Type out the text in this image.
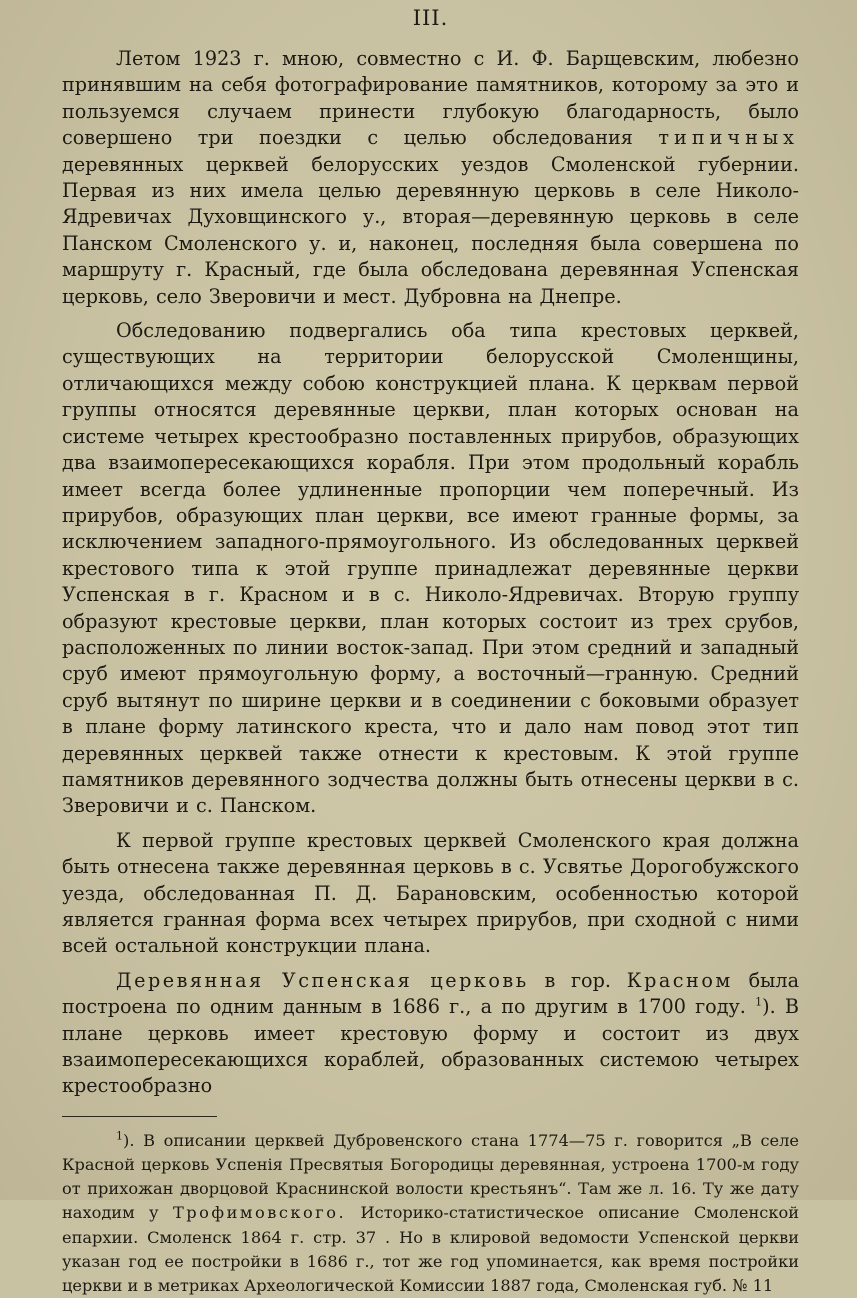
III.

Летом 1923 г. мною, совместно с И. Ф. Барщевским, любезно принявшим на себя фотографирование памятников, которому за это и пользуемся случаем принести глубокую благодарность, было совершено три поездки с целью обследования типичных деревянных церквей белорусских уездов Смоленской губернии. Первая из них имела целью деревянную церковь в селе Николо-Ядревичах Духовщинского у., вторая—деревянную церковь в селе Панском Смоленского у. и, наконец, последняя была совершена по маршруту г. Красный, где была обследована деревянная Успенская церковь, село Зверовичи и мест. Дубровна на Днепре.

Обследованию подвергались оба типа крестовых церквей, существующих на территории белорусской Смоленщины, отличающихся между собою конструкцией плана. К церквам первой группы относятся деревянные церкви, план которых основан на системе четырех крестообразно поставленных прирубов, образующих два взаимопересекающихся корабля. При этом продольный корабль имеет всегда более удлиненные пропорции чем поперечный. Из прирубов, образующих план церкви, все имеют гранные формы, за исключением западного-прямоугольного. Из обследованных церквей крестового типа к этой группе принадлежат деревянные церкви Успенская в г. Красном и в с. Николо-Ядревичах. Вторую группу образуют крестовые церкви, план которых состоит из трех срубов, расположенных по линии восток-запад. При этом средний и западный сруб имеют прямоугольную форму, а восточный—гранную. Средний сруб вытянут по ширине церкви и в соединении с боковыми образует в плане форму латинского креста, что и дало нам повод этот тип деревянных церквей также отнести к крестовым. К этой группе памятников деревянного зодчества должны быть отнесены церкви в с. Зверовичи и с. Панском.

К первой группе крестовых церквей Смоленского края должна быть отнесена также деревянная церковь в с. Усвятье Дорогобужского уезда, обследованная П. Д. Барановским, особенностью которой является гранная форма всех четырех прирубов, при сходной с ними всей остальной конструкции плана.

Деревянная Успенская церковь в гор. Красном была построена по одним данным в 1686 г., а по другим в 1700 году. $^1$). В плане церковь имеет крестовую форму и состоит из двух взаимопересекающихся кораблей, образованных системою четырех крестообразно

$^1$). В описании церквей Дубровенского стана 1774—75 г. говорится „В селе Красной церковь Успенія Пресвятыя Богородицы деревянная, устроена 1700-м году от прихожан дворцовой Краснинской волости крестьянъ“. Там же л. 16. Ту же дату находим у Трофимовского. Историко-статистическое описание Смоленской епархии. Смоленск 1864 г. стр. 37 . Но в клировой ведомости Успенской церкви указан год ее постройки в 1686 г., тот же год упоминается, как время постройки церкви и в метриках Археологической Комиссии 1887 года, Смоленская губ. № 11
